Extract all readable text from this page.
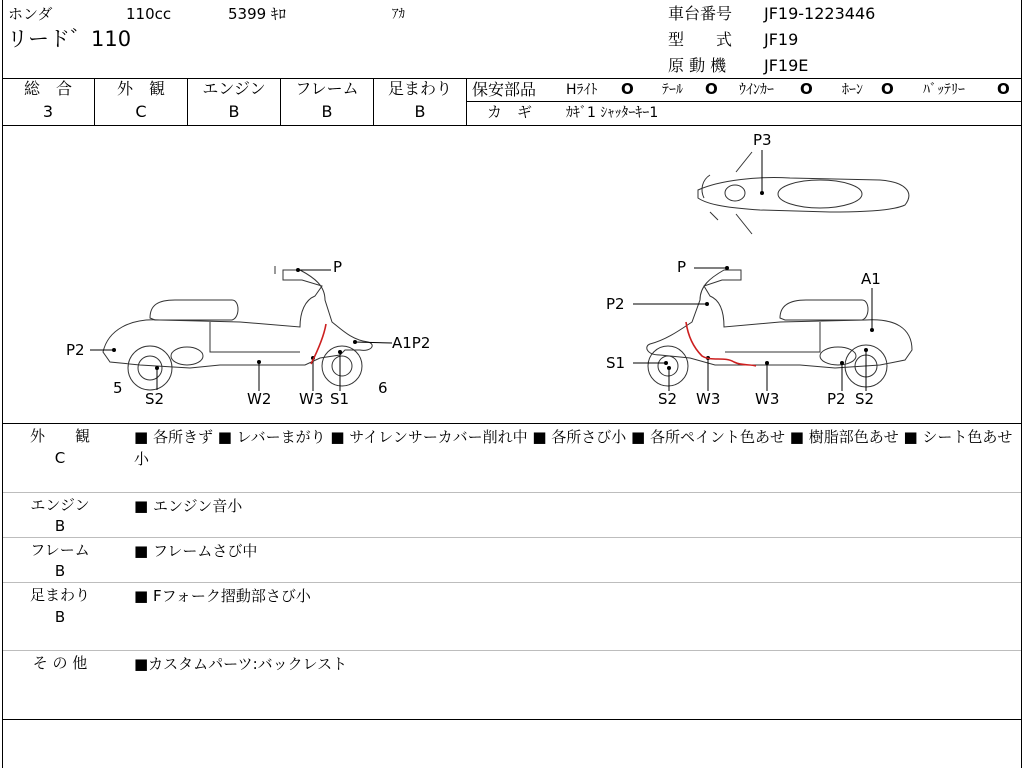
ホンダ	110cc	5399 ｷﾛ	ｱｶ
リード゛110
車台番号 JF19-1223446
型　　式 JF19
原 動 機 JF19E
総　合
3
外　観
C
エンジン
B
フレーム
B
足まわり
B
保安部品 Hﾗｲﾄ O ﾃｰﾙ O ｳｲﾝｶｰ O ﾎｰﾝ O ﾊﾞｯﾃﾘｰ O
カ　ギ ｶｷﾞ1 ｼｬｯﾀｰｷｰ1
P
P2	A1P2
5	6
S2	W2 W3 S1
P3
P
A1
P2
S1
S2 W3 W3	P2 S2
外　　観
C
■ 各所きず ■ レバーまがり ■ サイレンサーカバー削れ中 ■ 各所さび小 ■ 各所ペイント色あせ ■ 樹脂部色あせ ■ シート色あせ小
エンジン
B
■ エンジン音小
フレーム
B
■ フレームさび中
足まわり
B
■ Fフォーク摺動部さび小
そ の 他	■カスタムパーツ:バックレスト
